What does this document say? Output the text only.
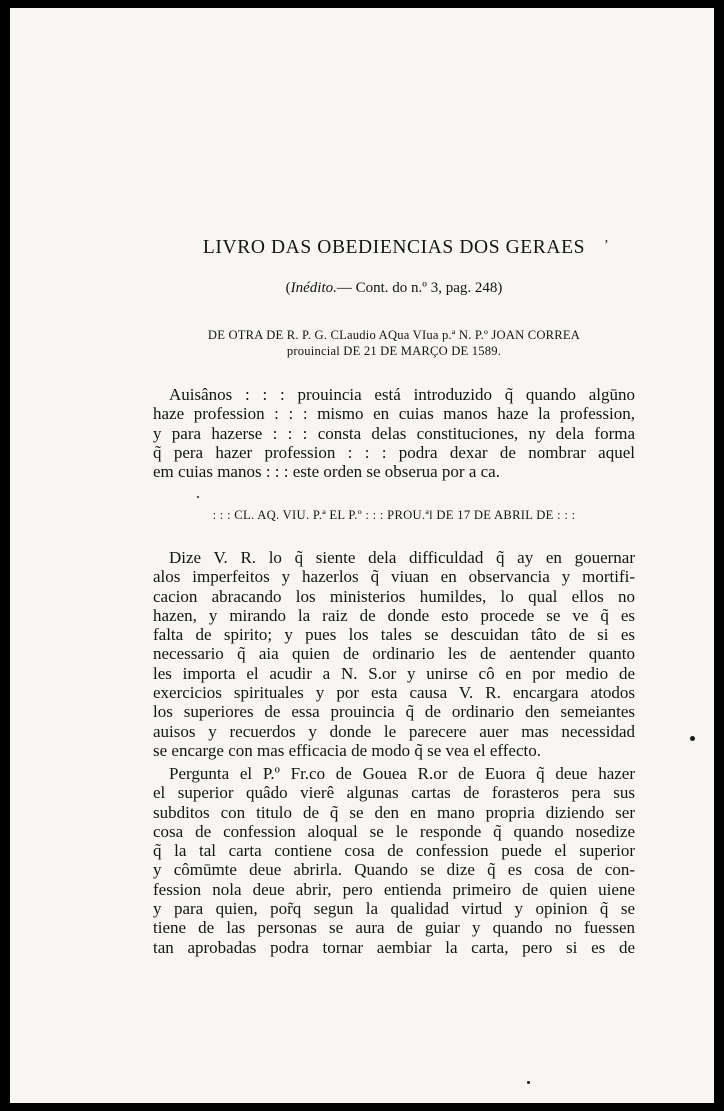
LIVRO DAS OBEDIENCIAS DOS GERAES
(Inédito.— Cont. do n.º 3, pag. 248)
DE OTRA DE R. P. G. CLaudio AQua VIua p.ª N. P.º JOAN CORREA
prouincial DE 21 DE MARÇO DE 1589.
Auisânos : : : prouincia está introduzido q̃ quando algūno
haze profession : : : mismo en cuias manos haze la profession,
y para hazerse : : : consta delas constituciones, ny dela forma
q̃ pera hazer profession : : : podra dexar de nombrar aquel
em cuias manos : : : este orden se obserua por a ca.
: : : CL. AQ. VIU. P.ª EL P.º : : : PROU.ªl DE 17 DE ABRIL DE : : :
Dize V. R. lo q̃ siente dela difficuldad q̃ ay en gouernar
alos imperfeitos y hazerlos q̃ viuan en observancia y mortifi-
cacion abracando los ministerios humildes, lo qual ellos no
hazen, y mirando la raiz de donde esto procede se ve q̃ es
falta de spirito; y pues los tales se descuidan tâto de si es
necessario q̃ aia quien de ordinario les de aentender quanto
les importa el acudir a N. S.or y unirse cô en por medio de
exercicios spirituales y por esta causa V. R. encargara atodos
los superiores de essa prouincia q̃ de ordinario den semeiantes
auisos y recuerdos y donde le parecere auer mas necessidad
se encarge con mas efficacia de modo q̃ se vea el effecto.
Pergunta el P.º Fr.co de Gouea R.or de Euora q̃ deue hazer
el superior quâdo vierê algunas cartas de forasteros pera sus
subditos con titulo de q̃ se den en mano propria diziendo ser
cosa de confession aloqual se le responde q̃ quando nosedize
q̃ la tal carta contiene cosa de confession puede el superior
y cômūmte deue abrirla. Quando se dize q̃ es cosa de con-
fession nola deue abrir, pero entienda primeiro de quien uiene
y para quien, por̃q segun la qualidad virtud y opinion q̃ se
tiene de las personas se aura de guiar y quando no fuessen
tan aprobadas podra tornar aembiar la carta, pero si es de
’
